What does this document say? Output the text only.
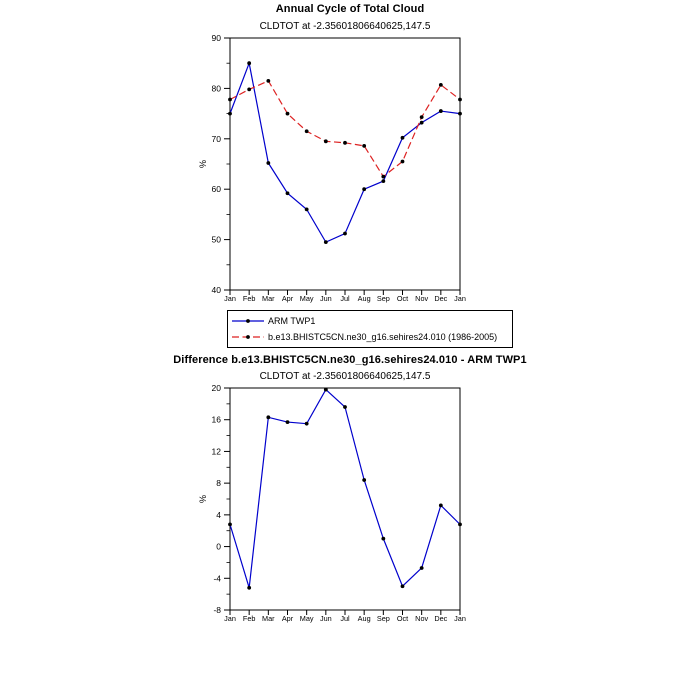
40
50
60
70
80
90
Jan Feb Mar Apr May Jun Jul Aug Sep Oct Nov Dec Jan
%
-8
-4
0
4
8
12
16
20
Jan Feb Mar Apr May Jun Jul Aug Sep Oct Nov Dec Jan
%
Annual Cycle of Total Cloud
CLDTOT at -2.35601806640625,147.5
ARM TWP1
b.e13.BHISTC5CN.ne30_g16.sehires24.010 (1986-2005)
Difference b.e13.BHISTC5CN.ne30_g16.sehires24.010 - ARM TWP1
CLDTOT at -2.35601806640625,147.5
